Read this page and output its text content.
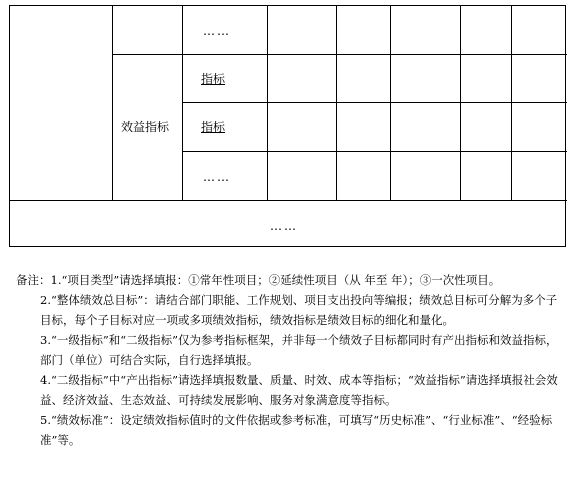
……
指标
指标
……
效益指标
……

备注：1.“项目类型”请选择填报：①常年性项目；②延续性项目（从 年至 年）；③一次性项目。

2.“整体绩效总目标”：请结合部门职能、工作规划、项目支出投向等编报；绩效总目标可分解为多个子目标，每个子目标对应一项或多项绩效指标，绩效指标是绩效目标的细化和量化。

3.“一级指标”和“二级指标”仅为参考指标框架，并非每一个绩效子目标都同时有产出指标和效益指标，部门（单位）可结合实际，自行选择填报。

4.“二级指标”中“产出指标”请选择填报数量、质量、时效、成本等指标；“效益指标”请选择填报社会效益、经济效益、生态效益、可持续发展影响、服务对象满意度等指标。

5.“绩效标准”：设定绩效指标值时的文件依据或参考标准，可填写“历史标准”、“行业标准”、“经验标准”等。
